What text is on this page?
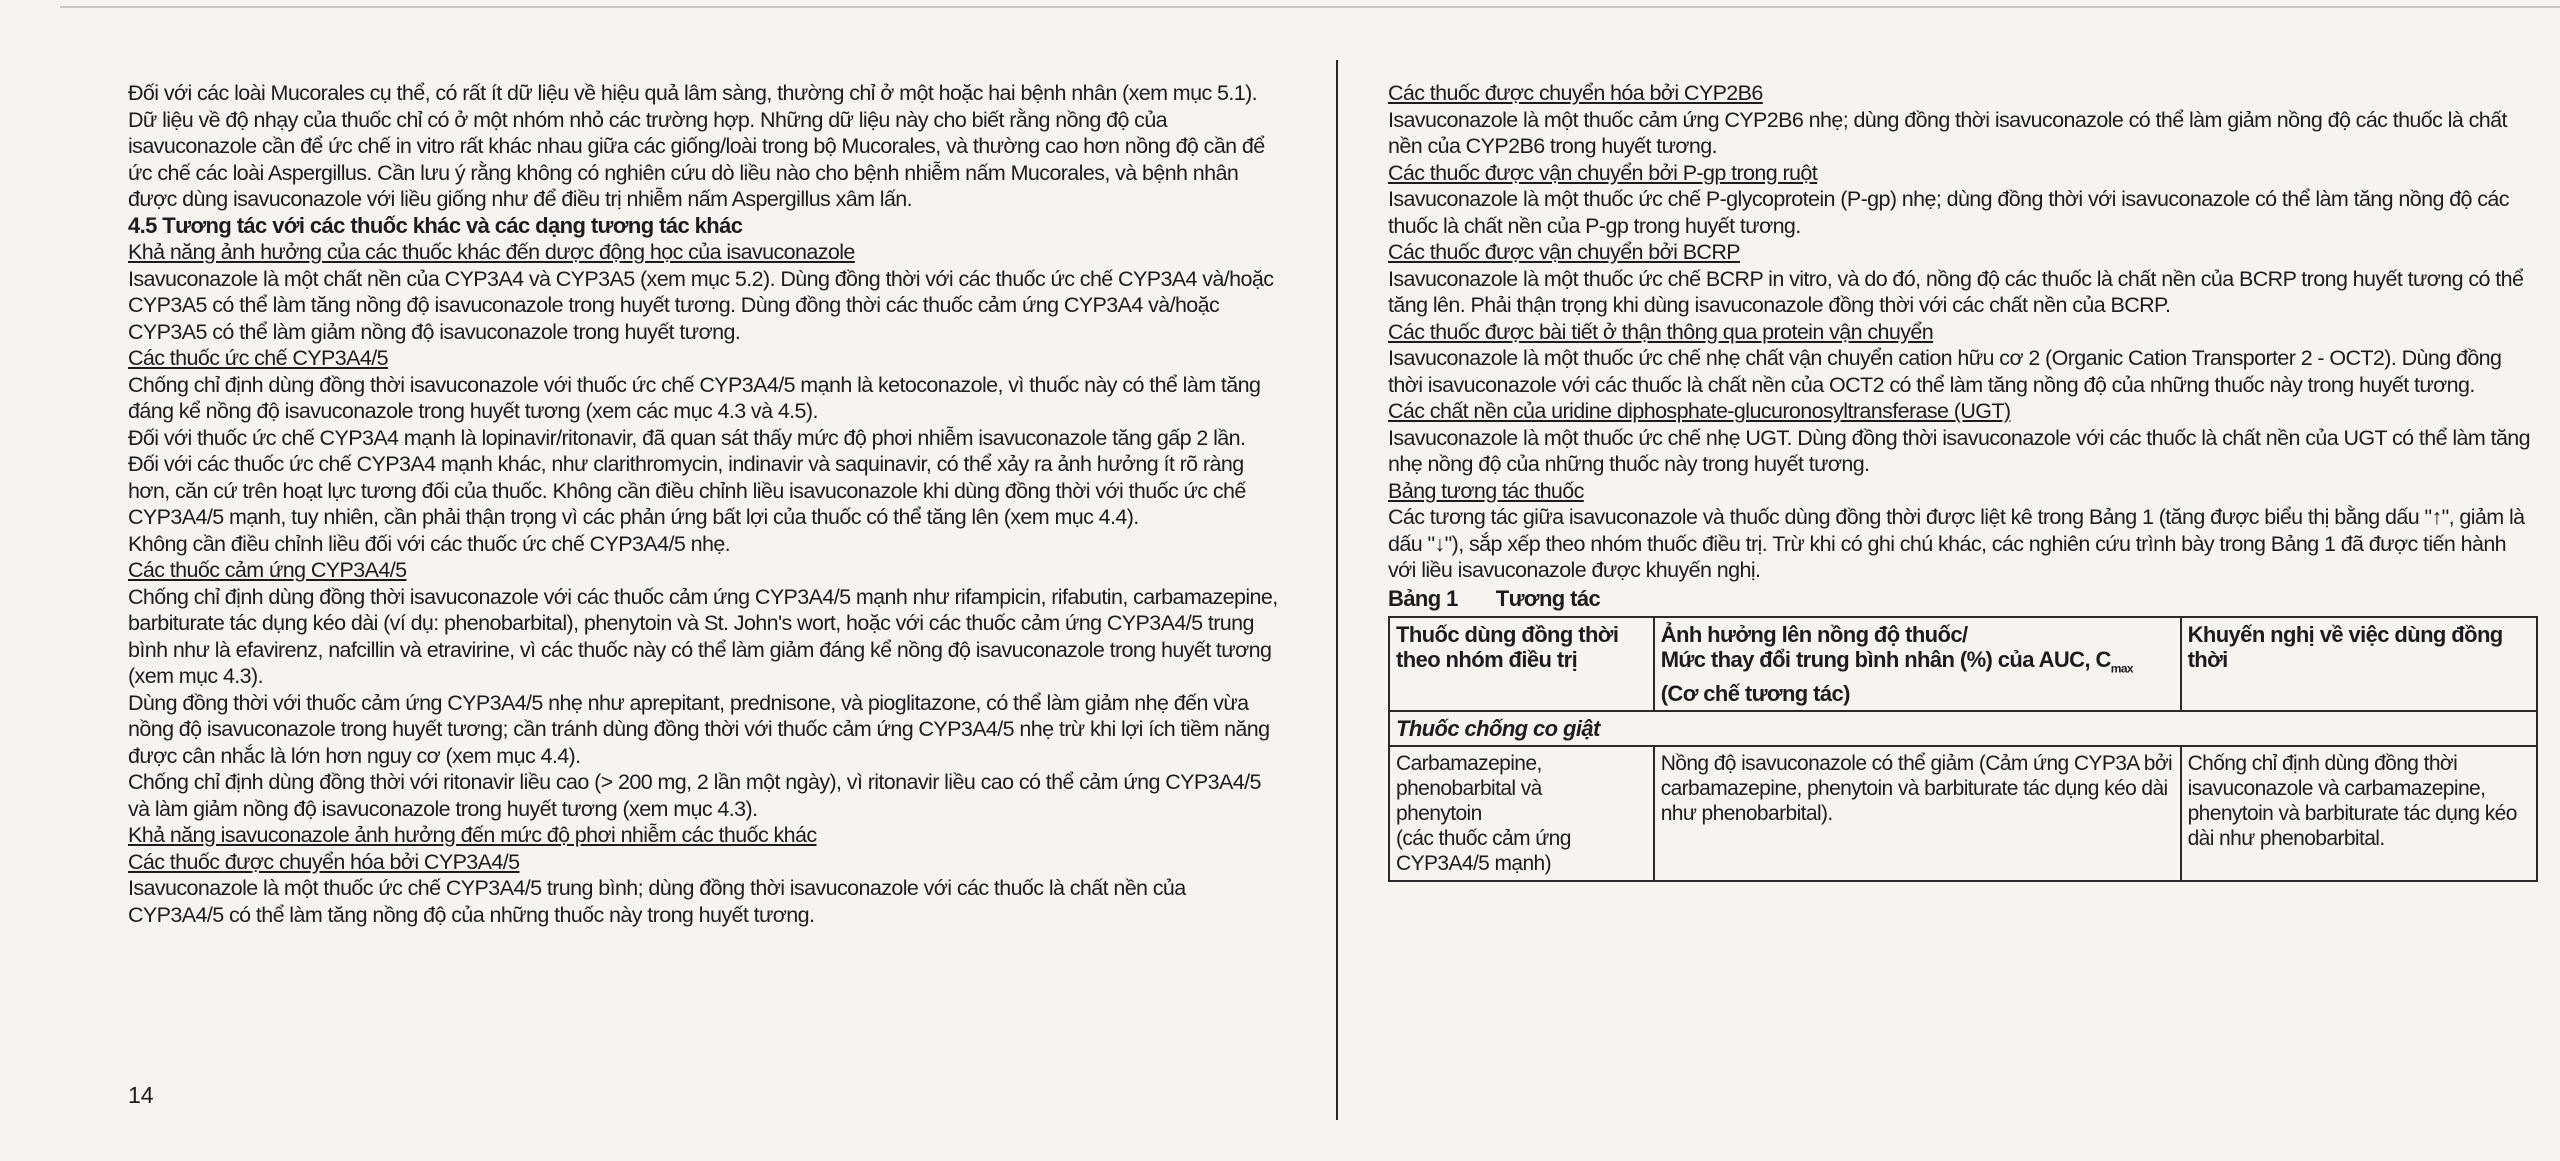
Đối với các loài Mucorales cụ thể, có rất ít dữ liệu về hiệu quả lâm sàng, thường chỉ ở một hoặc hai bệnh nhân (xem mục 5.1). Dữ liệu về độ nhạy của thuốc chỉ có ở một nhóm nhỏ các trường hợp. Những dữ liệu này cho biết rằng nồng độ của isavuconazole cần để ức chế in vitro rất khác nhau giữa các giống/loài trong bộ Mucorales, và thường cao hơn nồng độ cần để ức chế các loài Aspergillus. Cần lưu ý rằng không có nghiên cứu dò liều nào cho bệnh nhiễm nấm Mucorales, và bệnh nhân được dùng isavuconazole với liều giống như để điều trị nhiễm nấm Aspergillus xâm lấn.

4.5 Tương tác với các thuốc khác và các dạng tương tác khác

Khả năng ảnh hưởng của các thuốc khác đến dược động học của isavuconazole

Isavuconazole là một chất nền của CYP3A4 và CYP3A5 (xem mục 5.2). Dùng đồng thời với các thuốc ức chế CYP3A4 và/hoặc CYP3A5 có thể làm tăng nồng độ isavuconazole trong huyết tương. Dùng đồng thời các thuốc cảm ứng CYP3A4 và/hoặc CYP3A5 có thể làm giảm nồng độ isavuconazole trong huyết tương.

Các thuốc ức chế CYP3A4/5

Chống chỉ định dùng đồng thời isavuconazole với thuốc ức chế CYP3A4/5 mạnh là ketoconazole, vì thuốc này có thể làm tăng đáng kể nồng độ isavuconazole trong huyết tương (xem các mục 4.3 và 4.5).

Đối với thuốc ức chế CYP3A4 mạnh là lopinavir/ritonavir, đã quan sát thấy mức độ phơi nhiễm isavuconazole tăng gấp 2 lần. Đối với các thuốc ức chế CYP3A4 mạnh khác, như clarithromycin, indinavir và saquinavir, có thể xảy ra ảnh hưởng ít rõ ràng hơn, căn cứ trên hoạt lực tương đối của thuốc. Không cần điều chỉnh liều isavuconazole khi dùng đồng thời với thuốc ức chế CYP3A4/5 mạnh, tuy nhiên, cần phải thận trọng vì các phản ứng bất lợi của thuốc có thể tăng lên (xem mục 4.4).

Không cần điều chỉnh liều đối với các thuốc ức chế CYP3A4/5 nhẹ.

Các thuốc cảm ứng CYP3A4/5

Chống chỉ định dùng đồng thời isavuconazole với các thuốc cảm ứng CYP3A4/5 mạnh như rifampicin, rifabutin, carbamazepine, barbiturate tác dụng kéo dài (ví dụ: phenobarbital), phenytoin và St. John's wort, hoặc với các thuốc cảm ứng CYP3A4/5 trung bình như là efavirenz, nafcillin và etravirine, vì các thuốc này có thể làm giảm đáng kể nồng độ isavuconazole trong huyết tương (xem mục 4.3).

Dùng đồng thời với thuốc cảm ứng CYP3A4/5 nhẹ như aprepitant, prednisone, và pioglitazone, có thể làm giảm nhẹ đến vừa nồng độ isavuconazole trong huyết tương; cần tránh dùng đồng thời với thuốc cảm ứng CYP3A4/5 nhẹ trừ khi lợi ích tiềm năng được cân nhắc là lớn hơn nguy cơ (xem mục 4.4).

Chống chỉ định dùng đồng thời với ritonavir liều cao (> 200 mg, 2 lần một ngày), vì ritonavir liều cao có thể cảm ứng CYP3A4/5 và làm giảm nồng độ isavuconazole trong huyết tương (xem mục 4.3).

Khả năng isavuconazole ảnh hưởng đến mức độ phơi nhiễm các thuốc khác

Các thuốc được chuyển hóa bởi CYP3A4/5

Isavuconazole là một thuốc ức chế CYP3A4/5 trung bình; dùng đồng thời isavuconazole với các thuốc là chất nền của CYP3A4/5 có thể làm tăng nồng độ của những thuốc này trong huyết tương.

14

Các thuốc được chuyển hóa bởi CYP2B6

Isavuconazole là một thuốc cảm ứng CYP2B6 nhẹ; dùng đồng thời isavuconazole có thể làm giảm nồng độ các thuốc là chất nền của CYP2B6 trong huyết tương.

Các thuốc được vận chuyển bởi P-gp trong ruột

Isavuconazole là một thuốc ức chế P-glycoprotein (P-gp) nhẹ; dùng đồng thời với isavuconazole có thể làm tăng nồng độ các thuốc là chất nền của P-gp trong huyết tương.

Các thuốc được vận chuyển bởi BCRP

Isavuconazole là một thuốc ức chế BCRP in vitro, và do đó, nồng độ các thuốc là chất nền của BCRP trong huyết tương có thể tăng lên. Phải thận trọng khi dùng isavuconazole đồng thời với các chất nền của BCRP.

Các thuốc được bài tiết ở thận thông qua protein vận chuyển

Isavuconazole là một thuốc ức chế nhẹ chất vận chuyển cation hữu cơ 2 (Organic Cation Transporter 2 - OCT2). Dùng đồng thời isavuconazole với các thuốc là chất nền của OCT2 có thể làm tăng nồng độ của những thuốc này trong huyết tương.

Các chất nền của uridine diphosphate-glucuronosyltransferase (UGT)

Isavuconazole là một thuốc ức chế nhẹ UGT. Dùng đồng thời isavuconazole với các thuốc là chất nền của UGT có thể làm tăng nhẹ nồng độ của những thuốc này trong huyết tương.

Bảng tương tác thuốc

Các tương tác giữa isavuconazole và thuốc dùng đồng thời được liệt kê trong Bảng 1 (tăng được biểu thị bằng dấu "↑", giảm là dấu "↓"), sắp xếp theo nhóm thuốc điều trị. Trừ khi có ghi chú khác, các nghiên cứu trình bày trong Bảng 1 đã được tiến hành với liều isavuconazole được khuyến nghị.

Bảng 1 Tương tác

Thuốc dùng đồng thời theo nhóm điều trị	Ảnh hưởng lên nồng độ thuốc/
Mức thay đổi trung bình nhân (%) của AUC, $C_{max}$
(Cơ chế tương tác)	Khuyến nghị về việc dùng đồng thời
Thuốc chống co giật		

Carbamazepine,
phenobarbital và
phenytoin
(các thuốc cảm ứng
CYP3A4/5 mạnh)	Nồng độ isavuconazole có thể giảm (Cảm ứng CYP3A bởi carbamazepine, phenytoin và barbiturate tác dụng kéo dài như phenobarbital).	Chống chỉ định dùng đồng thời isavuconazole và carbamazepine, phenytoin và barbiturate tác dụng kéo dài như phenobarbital.
